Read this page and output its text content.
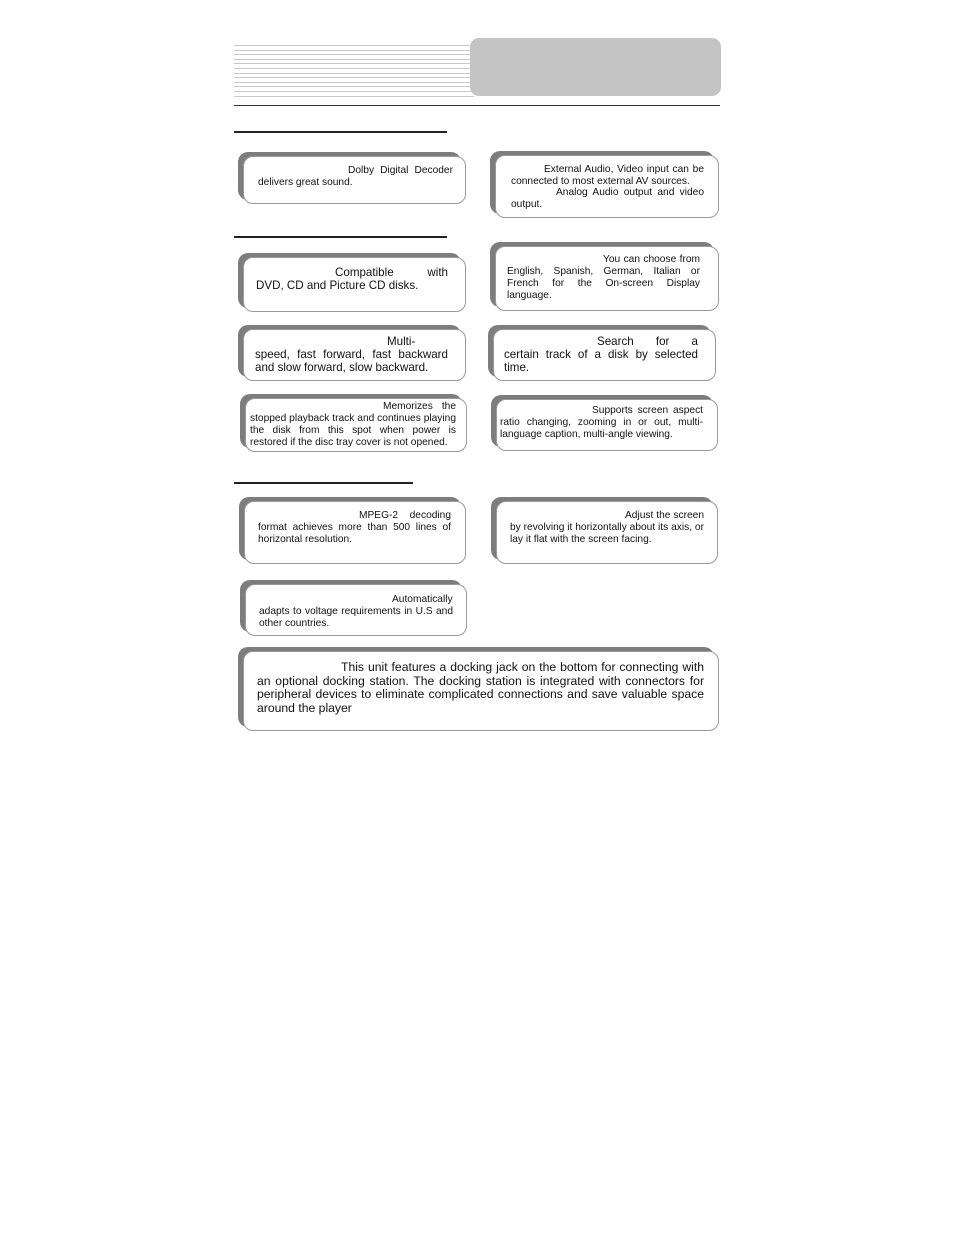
Dolby Digital Decoder delivers great sound.

External Audio, Video input can be connected to most external AV sources.

Analog Audio output and video output.

Compatible with DVD, CD and Picture CD disks.

You can choose from English, Spanish, German, Italian or French for the On-screen Display language.

Multi-speed, fast forward, fast backward and slow forward, slow backward.

Search for a certain track of a disk by selected time.

Memorizes the stopped playback track and continues playing the disk from this spot when power is restored if the disc tray cover is not opened.

Supports screen aspect ratio changing, zooming in or out, multi-language caption, multi-angle viewing.

MPEG-2 decoding format achieves more than 500 lines of horizontal resolution.

Adjust the screen by revolving it horizontally about its axis, or lay it flat with the screen facing.

Automatically adapts to voltage requirements in U.S and other countries.

This unit features a docking jack on the bottom for connecting with an optional docking station. The docking station is integrated with connectors for peripheral devices to eliminate complicated connections and save valuable space around the player
